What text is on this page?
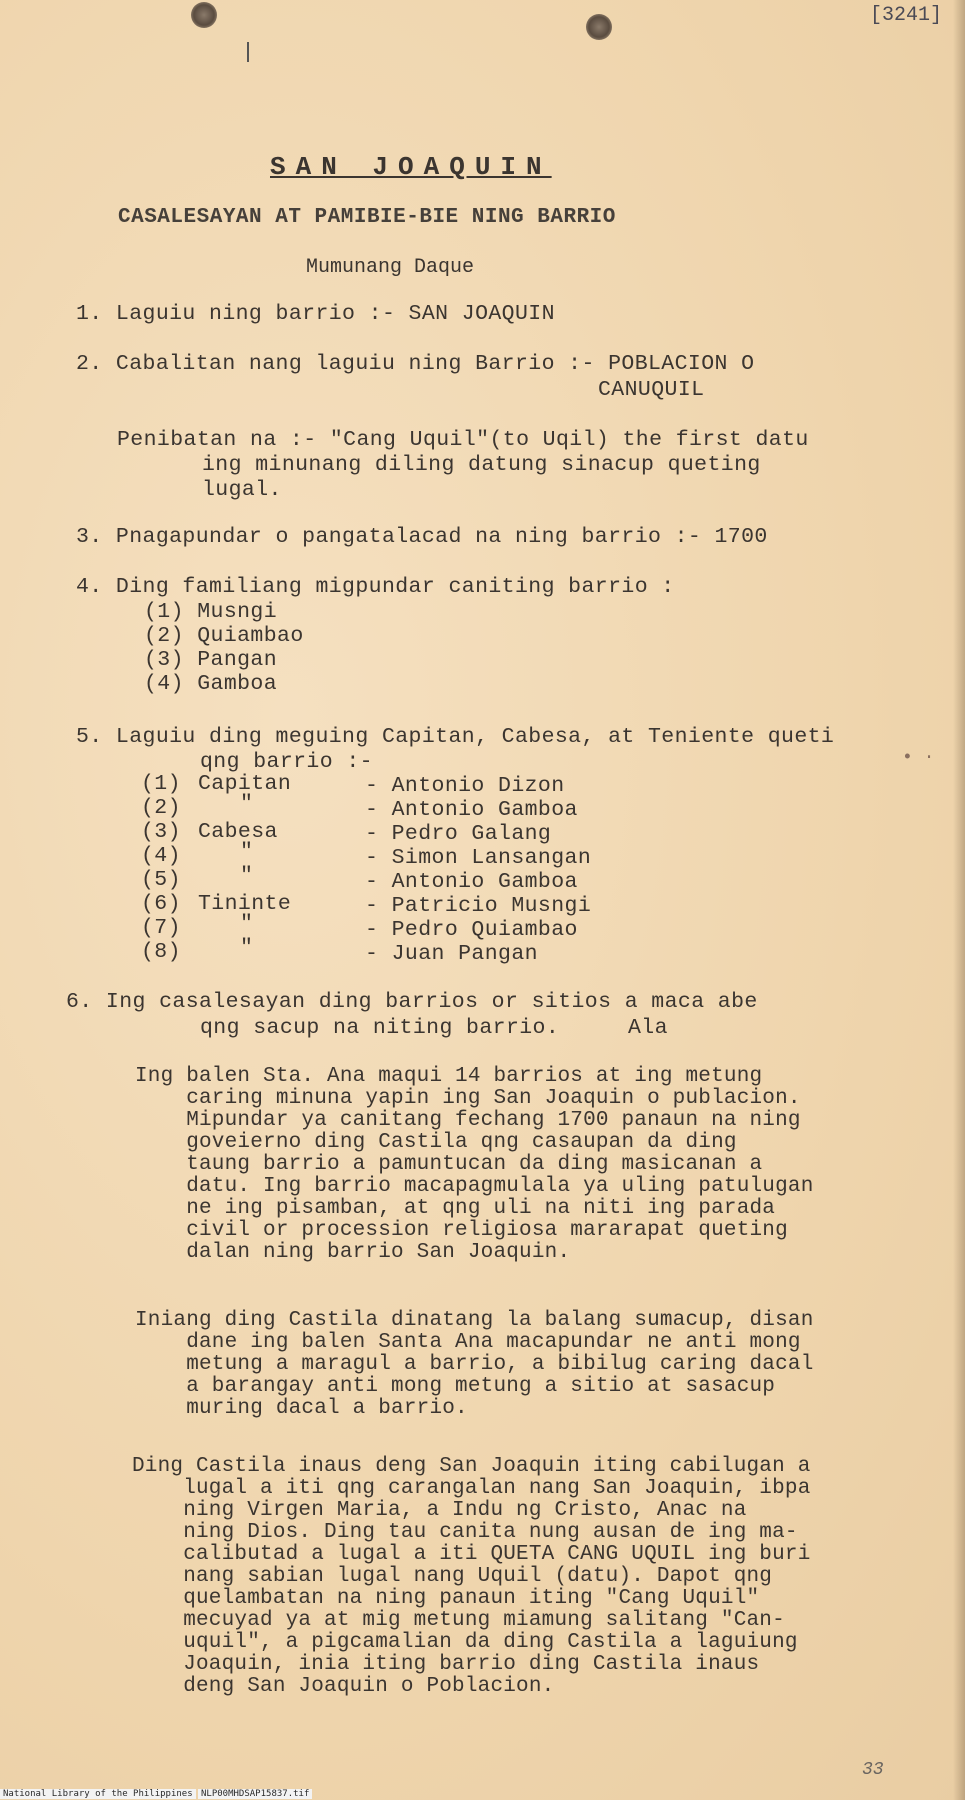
[3241]
SAN JOAQUIN
CASALESAYAN AT PAMIBIE-BIE NING BARRIO
Mumunang Daque
1. Laguiu ning barrio :- SAN JOAQUIN
2. Cabalitan nang laguiu ning Barrio :- POBLACION O
CANUQUIL
Penibatan na :- "Cang Uquil"(to Uqil) the first datu
ing minunang diling datung sinacup queting
lugal.
3. Pnagapundar o pangatalacad na ning barrio :- 1700
4. Ding familiang migpundar caniting barrio :
(1) Musngi
(2) Quiambao
(3) Pangan
(4) Gamboa
5. Laguiu ding meguing Capitan, Cabesa, at Teniente queti
qng barrio :-
(1) Capitan	- Antonio Dizon
(2)	"	- Antonio Gamboa
(3) Cabesa	- Pedro Galang
(4)	"	- Simon Lansangan
(5)	"	- Antonio Gamboa
(6) Tininte	- Patricio Musngi
(7)	"	- Pedro Quiambao
(8)	"	- Juan Pangan
6. Ing casalesayan ding barrios or sitios a maca abe
qng sacup na niting barrio.	Ala
Ing balen Sta. Ana maqui 14 barrios at ing metung
caring minuna yapin ing San Joaquin o publacion.
Mipundar ya canitang fechang 1700 panaun na ning
goveierno ding Castila qng casaupan da ding
taung barrio a pamuntucan da ding masicanan a
datu. Ing barrio macapagmulala ya uling patulugan
ne ing pisamban, at qng uli na niti ing parada
civil or procession religiosa mararapat queting
dalan ning barrio San Joaquin.
Iniang ding Castila dinatang la balang sumacup, disan
dane ing balen Santa Ana macapundar ne anti mong
metung a maragul a barrio, a bibilug caring dacal
a barangay anti mong metung a sitio at sasacup
muring dacal a barrio.
Ding Castila inaus deng San Joaquin iting cabilugan a
lugal a iti qng carangalan nang San Joaquin, ibpa
ning Virgen Maria, a Indu ng Cristo, Anac na
ning Dios. Ding tau canita nung ausan de ing ma-
calibutad a lugal a iti QUETA CANG UQUIL ing buri
nang sabian lugal nang Uquil (datu). Dapot qng
quelambatan na ning panaun iting "Cang Uquil"
mecuyad ya at mig metung miamung salitang "Can-
uquil", a pigcamalian da ding Castila a laguiung
Joaquin, inia iting barrio ding Castila inaus
deng San Joaquin o Poblacion.
• ·
33
National Library of the Philippines NLP00MHDSAP15837.tif
